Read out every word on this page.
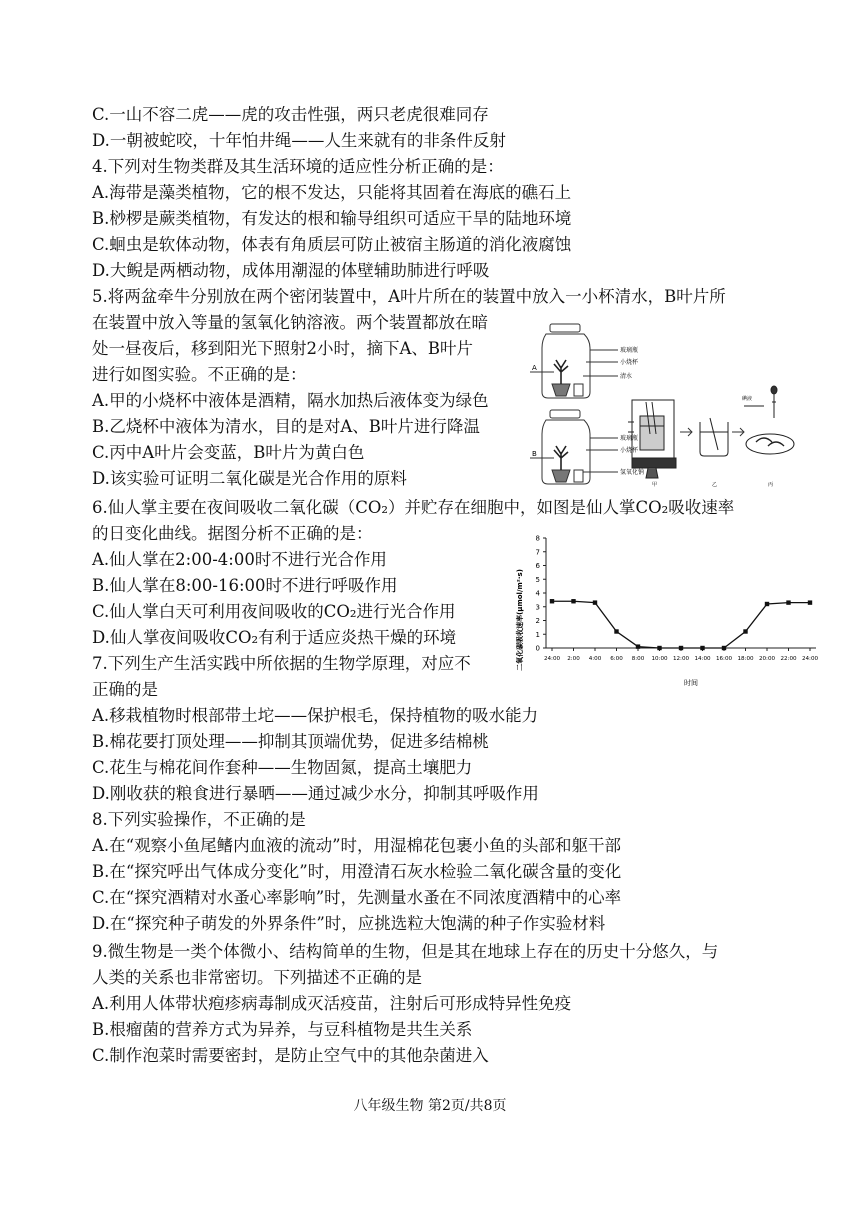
C.一山不容二虎——虎的攻击性强，两只老虎很难同存
D.一朝被蛇咬，十年怕井绳——人生来就有的非条件反射
4.下列对生物类群及其生活环境的适应性分析正确的是：
A.海带是藻类植物，它的根不发达，只能将其固着在海底的礁石上
B.桫椤是蕨类植物，有发达的根和输导组织可适应干旱的陆地环境
C.蛔虫是软体动物，体表有角质层可防止被宿主肠道的消化液腐蚀
D.大鲵是两栖动物，成体用潮湿的体壁辅助肺进行呼吸
5.将两盆牵牛分别放在两个密闭装置中，A叶片所在的装置中放入一小杯清水，B叶片所
在装置中放入等量的氢氧化钠溶液。两个装置都放在暗
处一昼夜后，移到阳光下照射2小时，摘下A、B叶片
进行如图实验。不正确的是：
A.甲的小烧杯中液体是酒精，隔水加热后液体变为绿色
B.乙烧杯中液体为清水，目的是对A、B叶片进行降温
C.丙中A叶片会变蓝，B叶片为黄白色
D.该实验可证明二氧化碳是光合作用的原料
6.仙人掌主要在夜间吸收二氧化碳（CO₂）并贮存在细胞中，如图是仙人掌CO₂吸收速率
的日变化曲线。据图分析不正确的是：
A.仙人掌在2:00-4:00时不进行光合作用
B.仙人掌在8:00-16:00时不进行呼吸作用
C.仙人掌白天可利用夜间吸收的CO₂进行光合作用
D.仙人掌夜间吸收CO₂有利于适应炎热干燥的环境
7.下列生产生活实践中所依据的生物学原理，对应不
正确的是
A.移栽植物时根部带土坨——保护根毛，保持植物的吸水能力
B.棉花要打顶处理——抑制其顶端优势，促进多结棉桃
C.花生与棉花间作套种——生物固氮，提高土壤肥力
D.刚收获的粮食进行暴晒——通过减少水分，抑制其呼吸作用
8.下列实验操作，不正确的是
A.在“观察小鱼尾鳍内血液的流动”时，用湿棉花包裹小鱼的头部和躯干部
B.在“探究呼出气体成分变化”时，用澄清石灰水检验二氧化碳含量的变化
C.在“探究酒精对水蚤心率影响”时，先测量水蚤在不同浓度酒精中的心率
D.在“探究种子萌发的外界条件”时，应挑选粒大饱满的种子作实验材料
9.微生物是一类个体微小、结构简单的生物，但是其在地球上存在的历史十分悠久，与
人类的关系也非常密切。下列描述不正确的是
A.利用人体带状疱疹病毒制成灭活疫苗，注射后可形成特异性免疫
B.根瘤菌的营养方式为异养，与豆科植物是共生关系
C.制作泡菜时需要密封，是防止空气中的其他杂菌进入
A
B
玻璃瓶
小烧杯
清水
玻璃瓶
小烧杯
氢氧化钠
甲	乙
碘液
丙
0
1
2
3
4
5
6
7
8
24:00 2:00 4:00 6:00 8:00 10:00 12:00 14:00 16:00 18:00 20:00 22:00 24:00
二氧化碳吸收速率(μmol/m²·s)
时间
八年级生物 第2页/共8页
